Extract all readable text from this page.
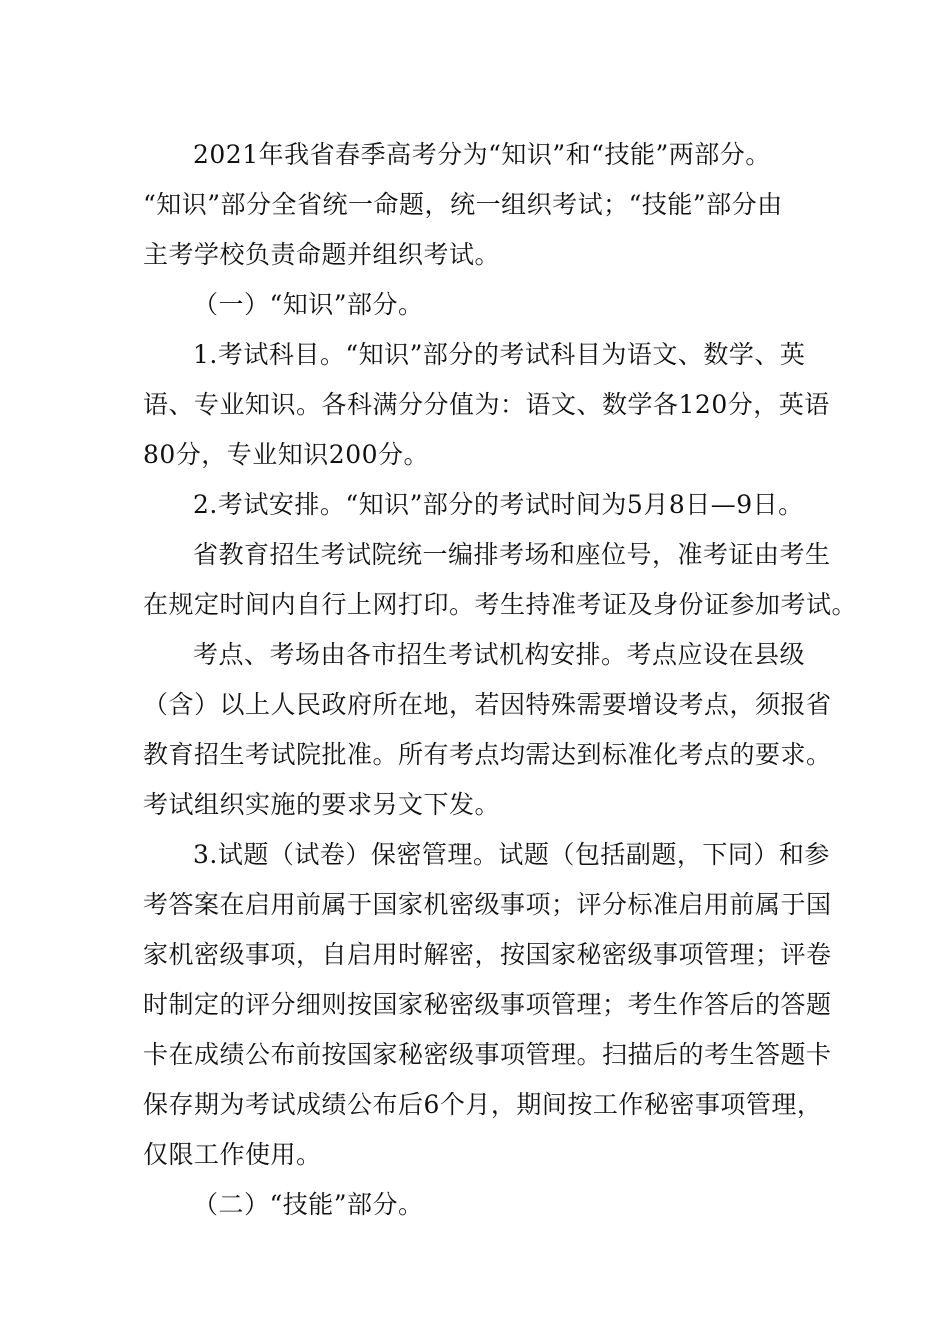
2021年我省春季高考分为“知识”和“技能”两部分。
“知识”部分全省统一命题，统一组织考试；“技能”部分由
主考学校负责命题并组织考试。
（一）“知识”部分。
1.考试科目。“知识”部分的考试科目为语文、数学、英
语、专业知识。各科满分分值为：语文、数学各120分，英语
80分，专业知识200分。
2.考试安排。“知识”部分的考试时间为5月8日—9日。
省教育招生考试院统一编排考场和座位号，准考证由考生
在规定时间内自行上网打印。考生持准考证及身份证参加考试。
考点、考场由各市招生考试机构安排。考点应设在县级
（含）以上人民政府所在地，若因特殊需要增设考点，须报省
教育招生考试院批准。所有考点均需达到标准化考点的要求。
考试组织实施的要求另文下发。
3.试题（试卷）保密管理。试题（包括副题，下同）和参
考答案在启用前属于国家机密级事项；评分标准启用前属于国
家机密级事项，自启用时解密，按国家秘密级事项管理；评卷
时制定的评分细则按国家秘密级事项管理；考生作答后的答题
卡在成绩公布前按国家秘密级事项管理。扫描后的考生答题卡
保存期为考试成绩公布后6个月，期间按工作秘密事项管理，
仅限工作使用。
（二）“技能”部分。
